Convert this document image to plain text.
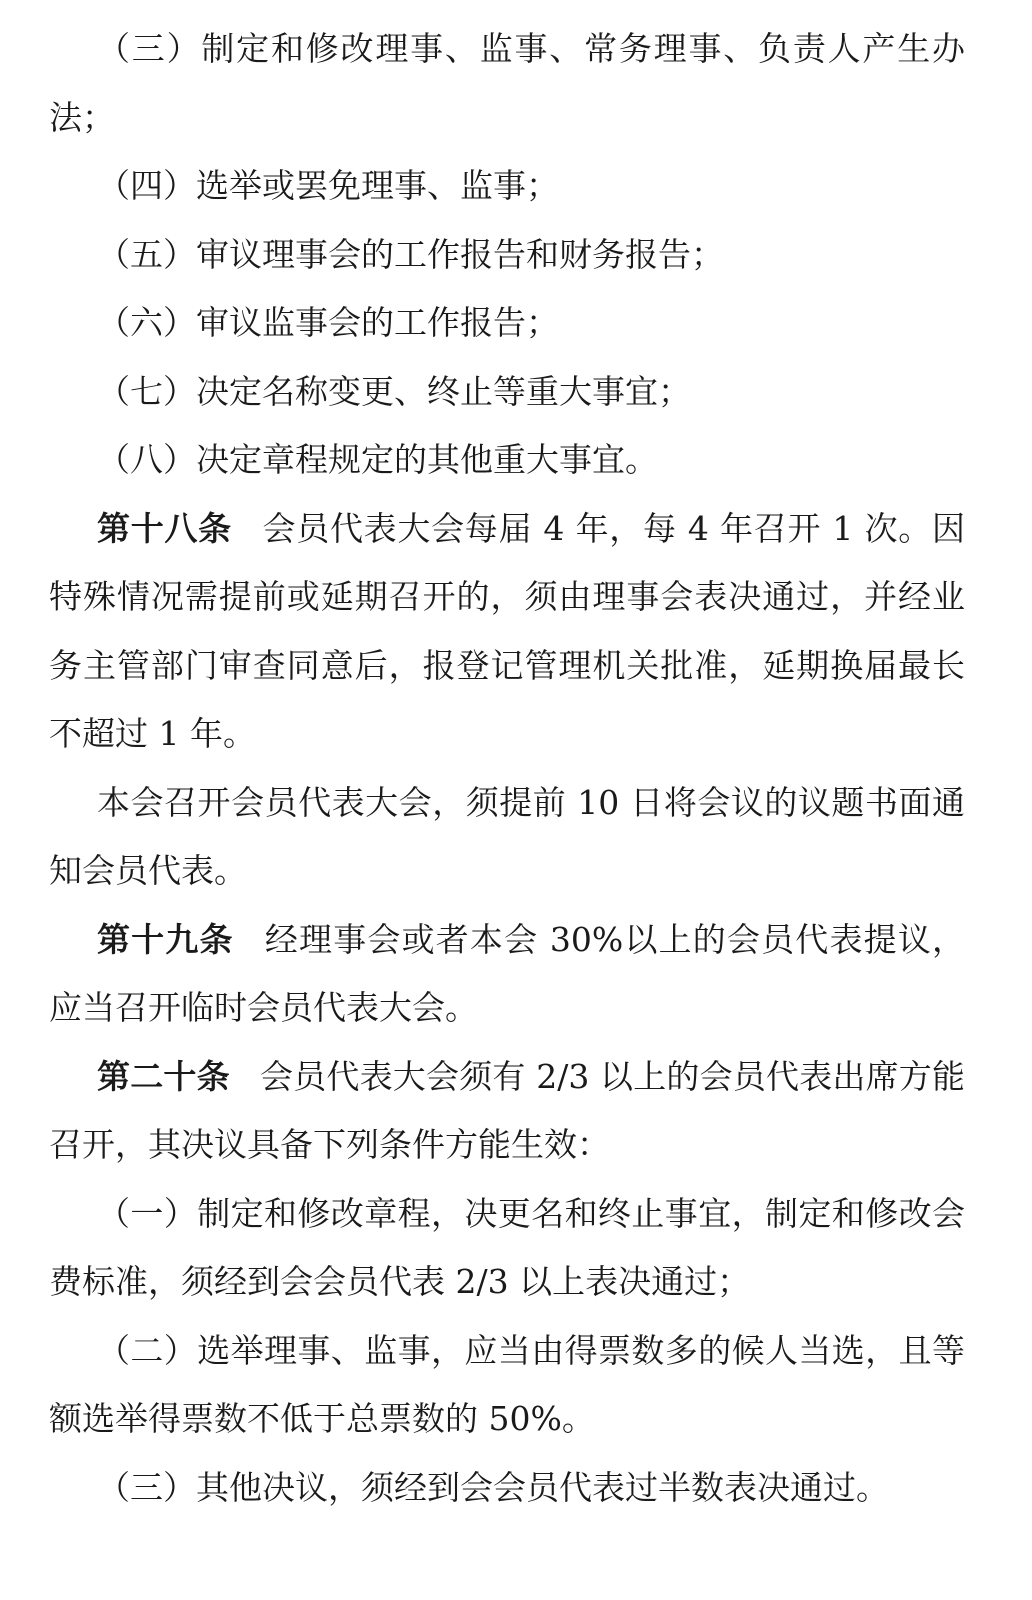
（三）制定和修改理事、监事、常务理事、负责人产生办法；

（四）选举或罢免理事、监事；

（五）审议理事会的工作报告和财务报告；

（六）审议监事会的工作报告；

（七）决定名称变更、终止等重大事宜；

（八）决定章程规定的其他重大事宜。

第十八条 会员代表大会每届 4 年，每 4 年召开 1 次。因特殊情况需提前或延期召开的，须由理事会表决通过，并经业务主管部门审查同意后，报登记管理机关批准，延期换届最长不超过 1 年。

本会召开会员代表大会，须提前 10 日将会议的议题书面通知会员代表。

第十九条 经理事会或者本会 30%以上的会员代表提议，应当召开临时会员代表大会。

第二十条 会员代表大会须有 2/3 以上的会员代表出席方能召开，其决议具备下列条件方能生效：

（一）制定和修改章程，决更名和终止事宜，制定和修改会费标准，须经到会会员代表 2/3 以上表决通过；

（二）选举理事、监事，应当由得票数多的候人当选，且等额选举得票数不低于总票数的 50%。

（三）其他决议，须经到会会员代表过半数表决通过。
